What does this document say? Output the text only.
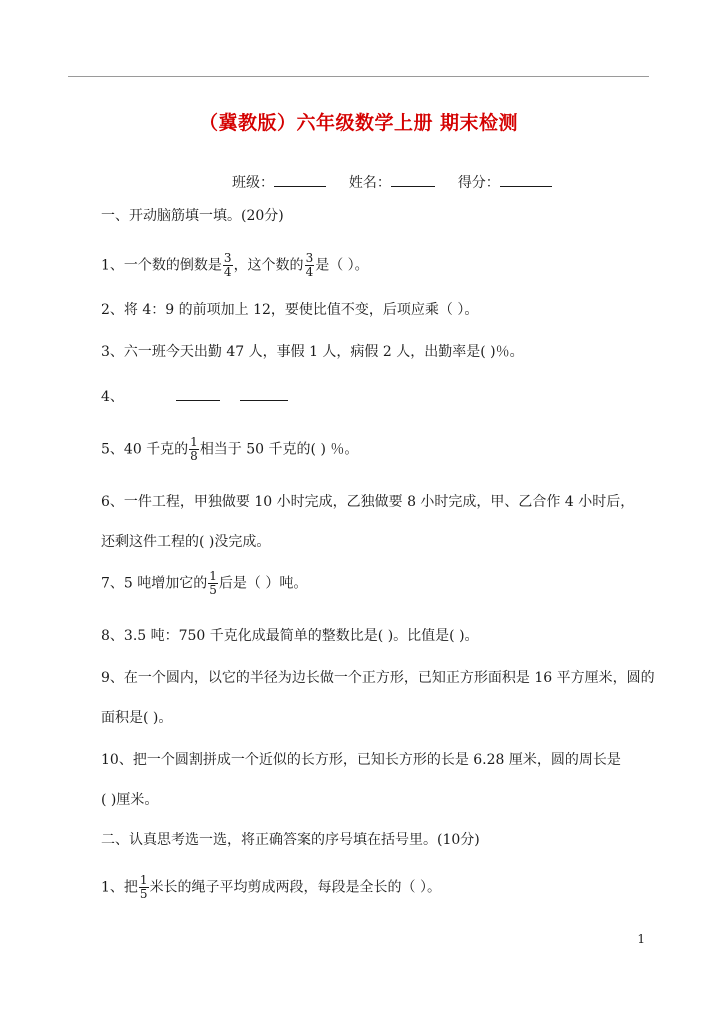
（冀教版）六年级数学上册 期末检测
班级：	姓名：	得分：
一、开动脑筋填一填。(20分)
1、一个数的倒数是 $\frac{3}{4}$ ，这个数的 $\frac{3}{4}$ 是（ ）。
2、将 4：9 的前项加上 12，要使比值不变，后项应乘（ ）。
3、六一班今天出勤 47 人，事假 1 人，病假 2 人，出勤率是( )％。
4、
5、40 千克的 $\frac{1}{8}$ 相当于 50 千克的( ) ％。
6、一件工程，甲独做要 10 小时完成，乙独做要 8 小时完成，甲、乙合作 4 小时后，
还剩这件工程的( )没完成。
7、5 吨增加它的 $\frac{1}{5}$ 后是（ ）吨。
8、3.5 吨：750 千克化成最简单的整数比是( )。比值是( )。
9、在一个圆内，以它的半径为边长做一个正方形，已知正方形面积是 16 平方厘米，圆的
面积是( )。
10、把一个圆割拼成一个近似的长方形，已知长方形的长是 6.28 厘米，圆的周长是
( )厘米。
二、认真思考选一选，将正确答案的序号填在括号里。(10分)
1、把 $\frac{1}{5}$ 米长的绳子平均剪成两段，每段是全长的（ ）。
1
